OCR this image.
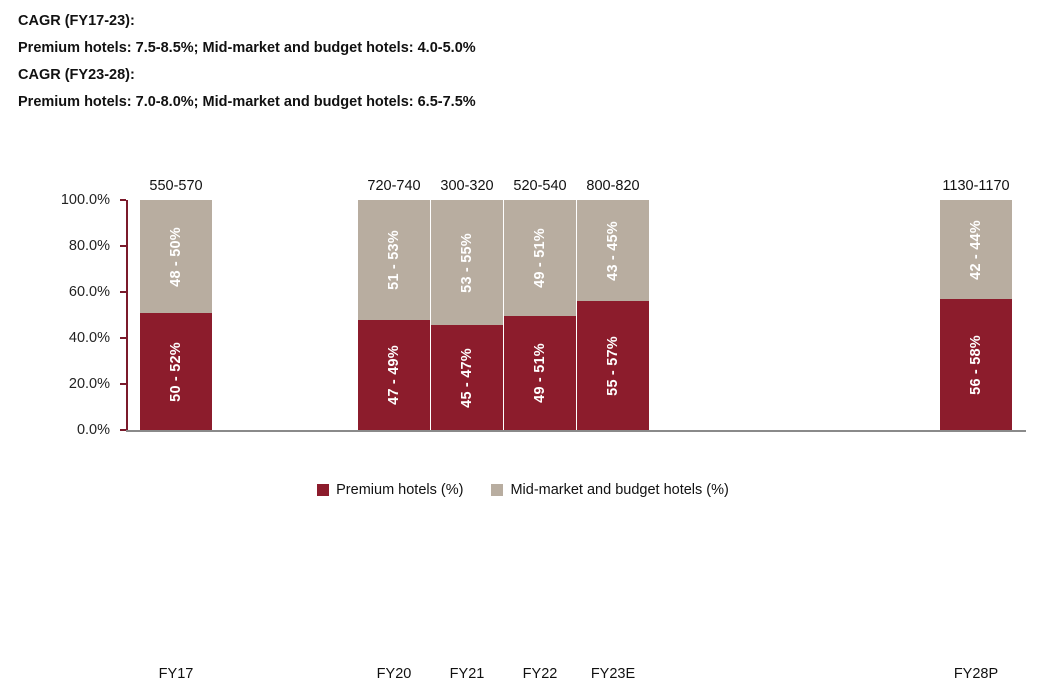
CAGR (FY17-23):
Premium hotels: 7.5-8.5%; Mid-market and budget hotels: 4.0-5.0%
CAGR (FY23-28):
Premium hotels: 7.0-8.0%; Mid-market and budget hotels: 6.5-7.5%
0.0%
20.0%
40.0%
60.0%
80.0%
100.0%
550-570
48 - 50%
50 - 52%
FY17
720-740
51 - 53%
47 - 49%
FY20
300-320
53 - 55%
45 - 47%
FY21
520-540
49 - 51%
49 - 51%
FY22
800-820
43 - 45%
55 - 57%
FY23E
1130-1170
42 - 44%
56 - 58%
FY28P
Premium hotels (%)	Mid-market and budget hotels (%)
